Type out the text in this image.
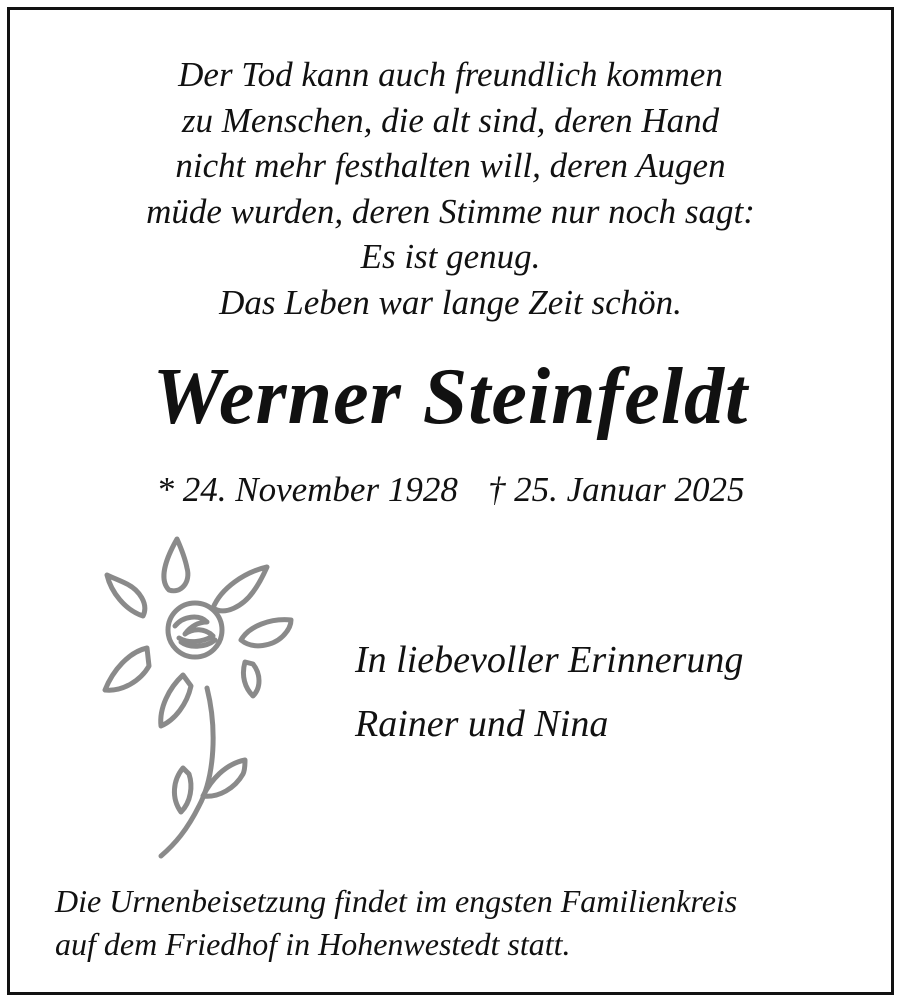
Der Tod kann auch freundlich kommen
zu Menschen, die alt sind, deren Hand
nicht mehr festhalten will, deren Augen
müde wurden, deren Stimme nur noch sagt:
Es ist genug.
Das Leben war lange Zeit schön.
Werner Steinfeldt
* 24. November 1928 † 25. Januar 2025
In liebevoller Erinnerung
Rainer und Nina
Die Urnenbeisetzung findet im engsten Familienkreis
auf dem Friedhof in Hohenwestedt statt.
